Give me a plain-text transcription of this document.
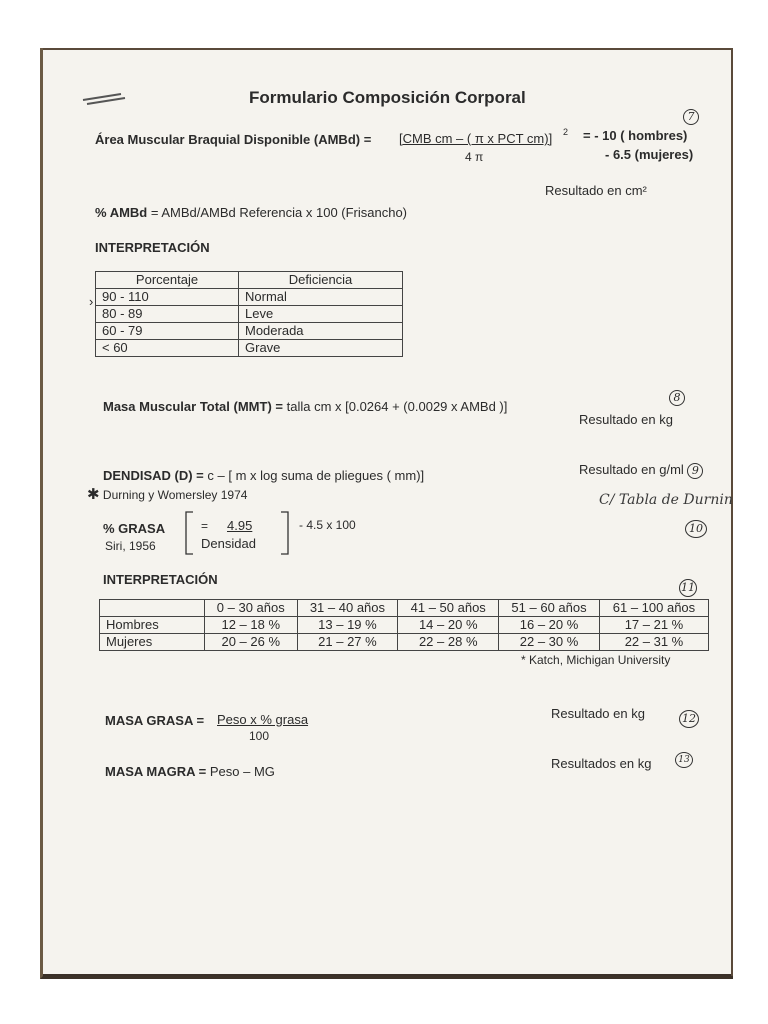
Formulario Composición Corporal
7
Área Muscular Braquial Disponible (AMBd) = [CMB cm – ( π x PCT cm)] 2
4 π
= - 10 ( hombres)
- 6.5 (mujeres)
Resultado en cm²
% AMBd = AMBd/AMBd Referencia x 100 (Frisancho)
INTERPRETACIÓN
›
Porcentaje	Deficiencia
90 - 110	Normal
80 - 89	Leve
60 - 79	Moderada
< 60	Grave
8
Masa Muscular Total (MMT) = talla cm x [0.0264 + (0.0029 x AMBd )]
Resultado en kg
DENDISAD (D) = c – [ m x log suma de pliegues ( mm)]	Resultado en g/ml 9
✱ Durning y Womersley 1974	C/ Tabla de Durnin
% GRASA
Siri, 1956
= 4.95
Densidad
- 4.5 x 100	10
INTERPRETACIÓN
11
	0 – 30 años	31 – 40 años	41 – 50 años	51 – 60 años	61 – 100 años
Hombres	12 – 18 %	13 – 19 %	14 – 20 %	16 – 20 %	17 – 21 %
Mujeres	20 – 26 %	21 – 27 %	22 – 28 %	22 – 30 %	22 – 31 %
* Katch, Michigan University
MASA GRASA = Peso x % grasa
100
Resultado en kg	12
MASA MAGRA = Peso – MG
Resultados en kg	13
